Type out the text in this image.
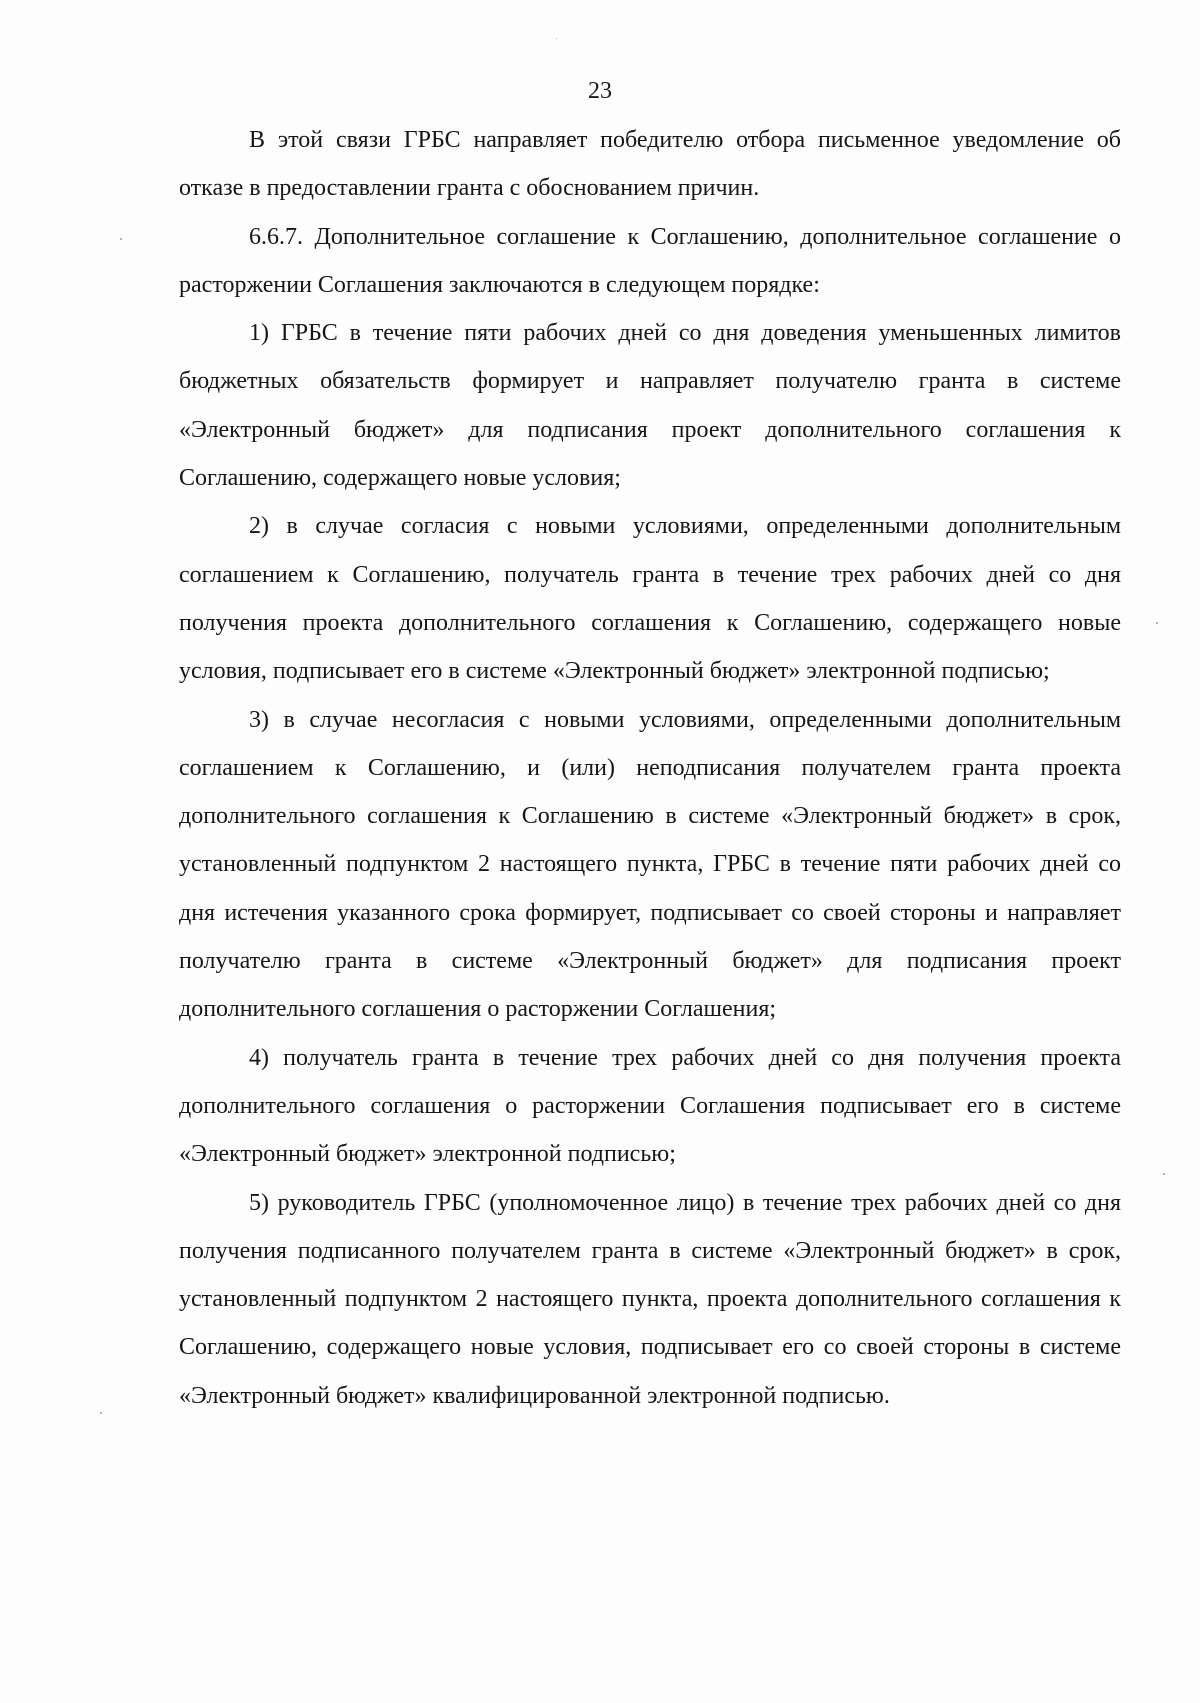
23

В этой связи ГРБС направляет победителю отбора письменное уведомление об отказе в предоставлении гранта с обоснованием причин.

6.6.7. Дополнительное соглашение к Соглашению, дополнительное соглашение о расторжении Соглашения заключаются в следующем порядке:

1) ГРБС в течение пяти рабочих дней со дня доведения уменьшенных лимитов бюджетных обязательств формирует и направляет получателю гранта в системе «Электронный бюджет» для подписания проект дополнительного соглашения к Соглашению, содержащего новые условия;

2) в случае согласия с новыми условиями, определенными дополнительным соглашением к Соглашению, получатель гранта в течение трех рабочих дней со дня получения проекта дополнительного соглашения к Соглашению, содержащего новые условия, подписывает его в системе «Электронный бюджет» электронной подписью;

3) в случае несогласия с новыми условиями, определенными дополнительным соглашением к Соглашению, и (или) неподписания получателем гранта проекта дополнительного соглашения к Соглашению в системе «Электронный бюджет» в срок, установленный подпунктом 2 настоящего пункта, ГРБС в течение пяти рабочих дней со дня истечения указанного срока формирует, подписывает со своей стороны и направляет получателю гранта в системе «Электронный бюджет» для подписания проект дополнительного соглашения о расторжении Соглашения;

4) получатель гранта в течение трех рабочих дней со дня получения проекта дополнительного соглашения о расторжении Соглашения подписывает его в системе «Электронный бюджет» электронной подписью;

5) руководитель ГРБС (уполномоченное лицо) в течение трех рабочих дней со дня получения подписанного получателем гранта в системе «Электронный бюджет» в срок, установленный подпунктом 2 настоящего пункта, проекта дополнительного соглашения к Соглашению, содержащего новые условия, подписывает его со своей стороны в системе «Электронный бюджет» квалифицированной электронной подписью.
